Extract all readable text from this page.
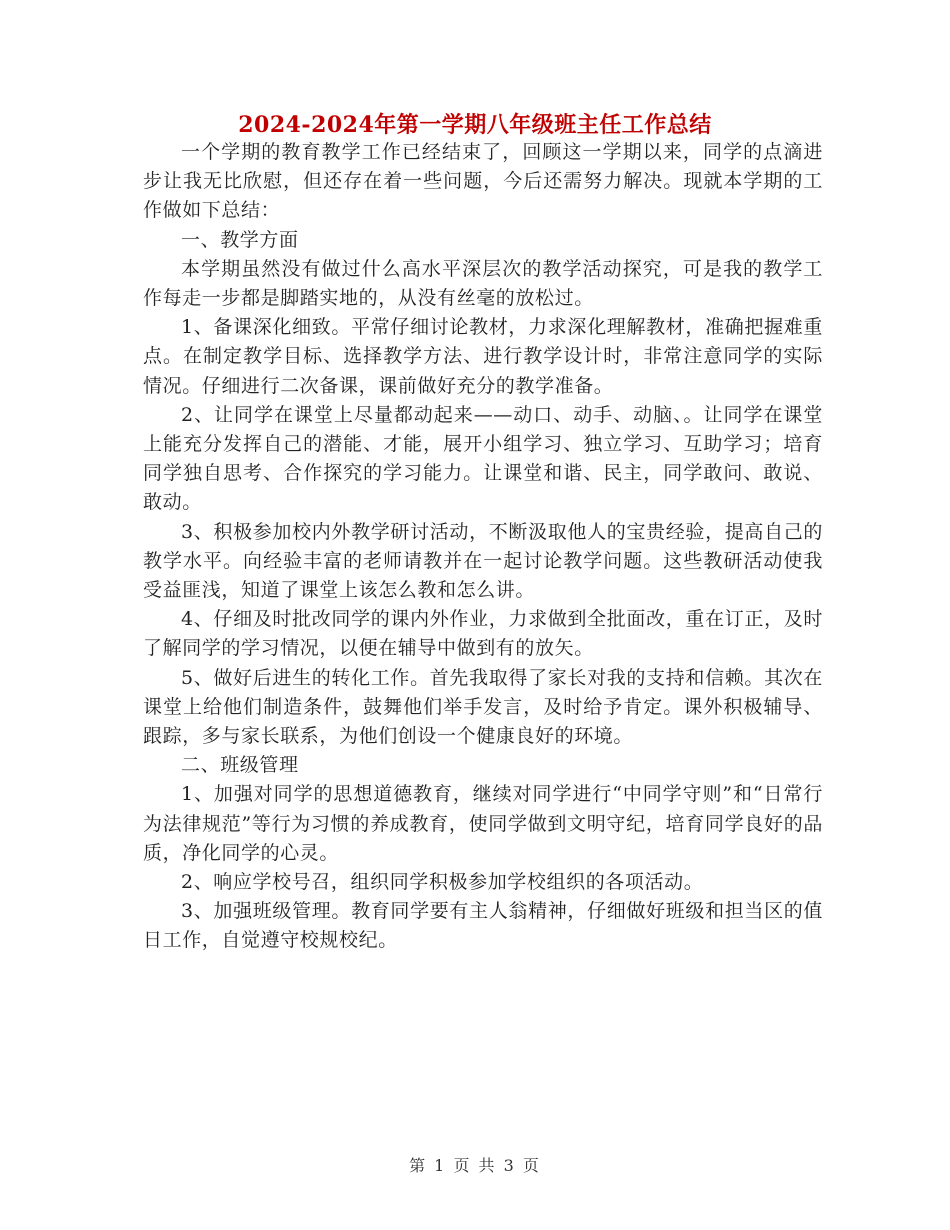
2024-2024年第一学期八年级班主任工作总结

一个学期的教育教学工作已经结束了，回顾这一学期以来，同学的点滴进步让我无比欣慰，但还存在着一些问题，今后还需努力解决。现就本学期的工作做如下总结：

一、教学方面

本学期虽然没有做过什么高水平深层次的教学活动探究，可是我的教学工作每走一步都是脚踏实地的，从没有丝毫的放松过。

1、备课深化细致。平常仔细讨论教材，力求深化理解教材，准确把握难重点。在制定教学目标、选择教学方法、进行教学设计时，非常注意同学的实际情况。仔细进行二次备课，课前做好充分的教学准备。

2、让同学在课堂上尽量都动起来——动口、动手、动脑、。让同学在课堂上能充分发挥自己的潜能、才能，展开小组学习、独立学习、互助学习；培育同学独自思考、合作探究的学习能力。让课堂和谐、民主，同学敢问、敢说、敢动。

3、积极参加校内外教学研讨活动，不断汲取他人的宝贵经验，提高自己的教学水平。向经验丰富的老师请教并在一起讨论教学问题。这些教研活动使我受益匪浅，知道了课堂上该怎么教和怎么讲。

4、仔细及时批改同学的课内外作业，力求做到全批面改，重在订正，及时了解同学的学习情况，以便在辅导中做到有的放矢。

5、做好后进生的转化工作。首先我取得了家长对我的支持和信赖。其次在课堂上给他们制造条件，鼓舞他们举手发言，及时给予肯定。课外积极辅导、跟踪，多与家长联系，为他们创设一个健康良好的环境。

二、班级管理

1、加强对同学的思想道德教育，继续对同学进行“中同学守则”和“日常行为法律规范”等行为习惯的养成教育，使同学做到文明守纪，培育同学良好的品质，净化同学的心灵。

2、响应学校号召，组织同学积极参加学校组织的各项活动。

3、加强班级管理。教育同学要有主人翁精神，仔细做好班级和担当区的值日工作，自觉遵守校规校纪。

第 1 页 共 3 页
